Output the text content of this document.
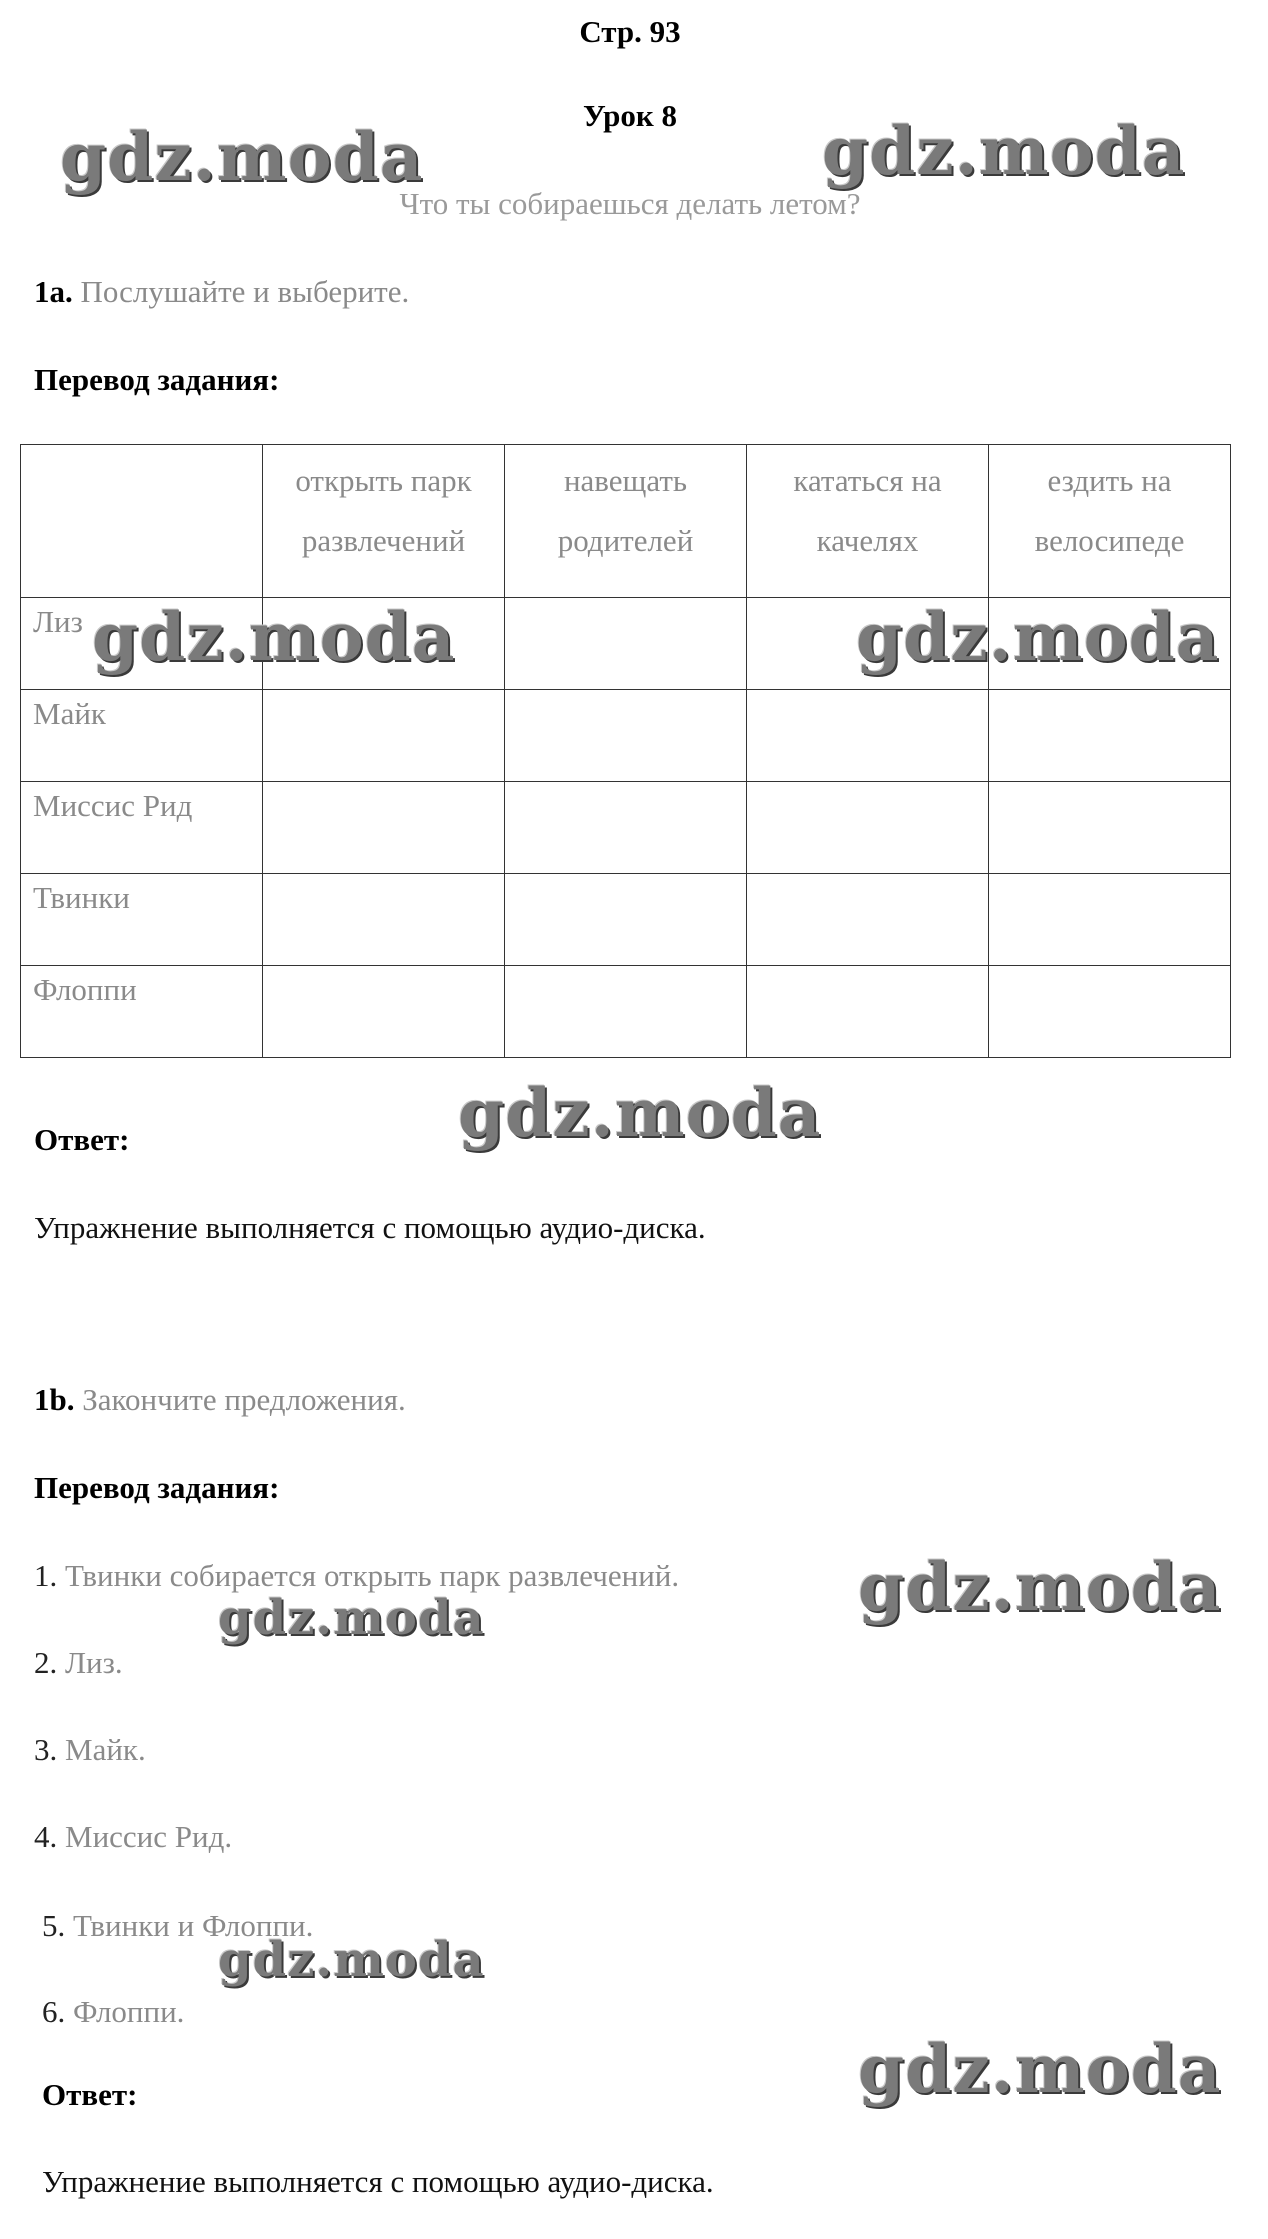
Стр. 93
Урок 8
Что ты собираешься делать летом?
1a. Послушайте и выберите.
Перевод задания:
	открыть парк развлечений	навещать родителей	кататься на качелях	ездить на велосипеде
Лиз				
Майк				
Миссис Рид				
Твинки				
Флоппи				
Ответ:
Упражнение выполняется с помощью аудио-диска.
1b. Закончите предложения.
Перевод задания:
1. Твинки собирается открыть парк развлечений.
2. Лиз.
3. Майк.
4. Миссис Рид.
5. Твинки и Флоппи.
6. Флоппи.
Ответ:
Упражнение выполняется с помощью аудио-диска.
gdz.moda	gdz.moda
gdz.moda	gdz.moda
gdz.moda
gdz.moda
gdz.moda
gdz.moda
gdz.moda
